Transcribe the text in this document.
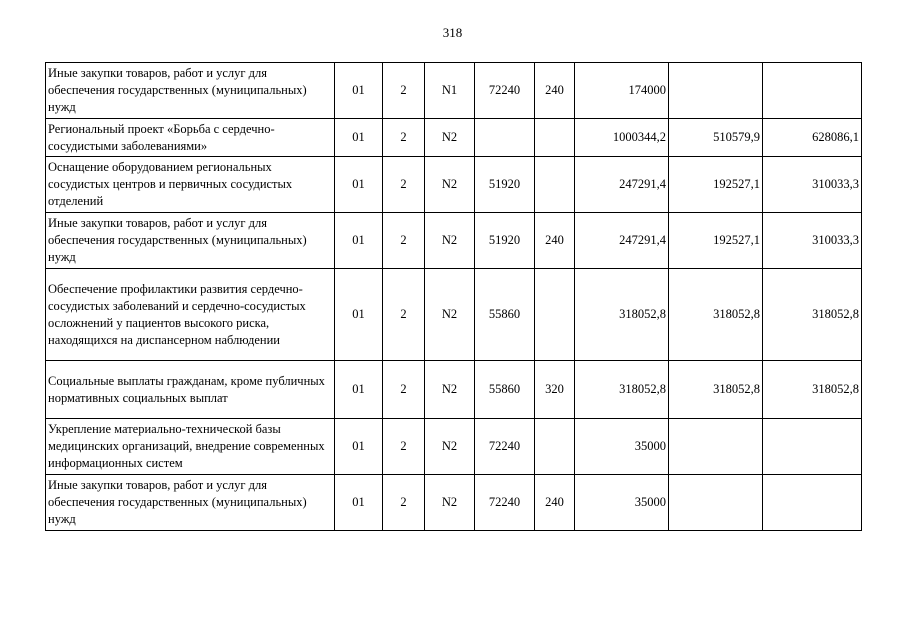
318
Иные закупки товаров, работ и услуг для обеспечения государственных (муниципальных) нужд	01	2	N1	72240	240	174000		
Региональный проект «Борьба с сердечно-сосудистыми заболеваниями»	01	2	N2			1000344,2	510579,9	628086,1
Оснащение оборудованием региональных сосудистых центров и первичных сосудистых отделений	01	2	N2	51920		247291,4	192527,1	310033,3
Иные закупки товаров, работ и услуг для обеспечения государственных (муниципальных) нужд	01	2	N2	51920	240	247291,4	192527,1	310033,3
Обеспечение профилактики развития сердечно-сосудистых заболеваний и сердечно-сосудистых осложнений у пациентов высокого риска, находящихся на диспансерном наблюдении	01	2	N2	55860		318052,8	318052,8	318052,8
Социальные выплаты гражданам, кроме публичных нормативных социальных выплат	01	2	N2	55860	320	318052,8	318052,8	318052,8
Укрепление материально-технической базы медицинских организаций, внедрение современных информационных систем	01	2	N2	72240		35000		
Иные закупки товаров, работ и услуг для обеспечения государственных (муниципальных) нужд	01	2	N2	72240	240	35000		
